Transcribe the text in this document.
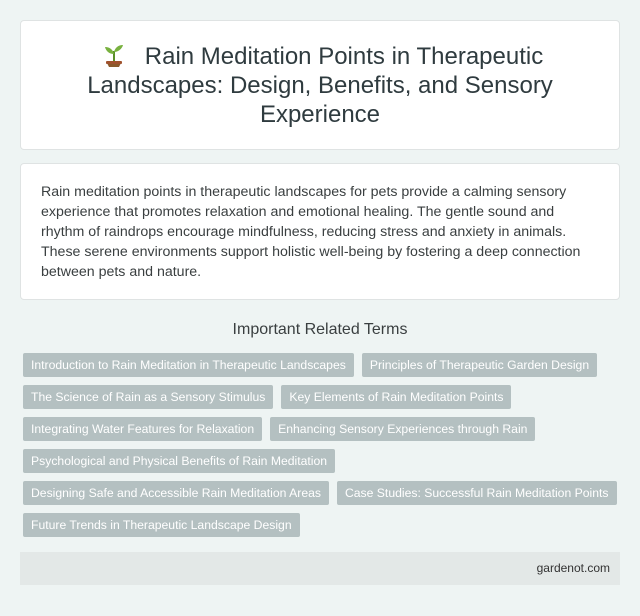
Rain Meditation Points in Therapeutic Landscapes: Design, Benefits, and Sensory Experience

Rain meditation points in therapeutic landscapes for pets provide a calming sensory experience that promotes relaxation and emotional healing. The gentle sound and rhythm of raindrops encourage mindfulness, reducing stress and anxiety in animals. These serene environments support holistic well-being by fostering a deep connection between pets and nature.

Important Related Terms
Introduction to Rain Meditation in Therapeutic Landscapes	Principles of Therapeutic Garden Design
The Science of Rain as a Sensory Stimulus	Key Elements of Rain Meditation Points
Integrating Water Features for Relaxation	Enhancing Sensory Experiences through Rain
Psychological and Physical Benefits of Rain Meditation
Designing Safe and Accessible Rain Meditation Areas	Case Studies: Successful Rain Meditation Points
Future Trends in Therapeutic Landscape Design
gardenot.com
